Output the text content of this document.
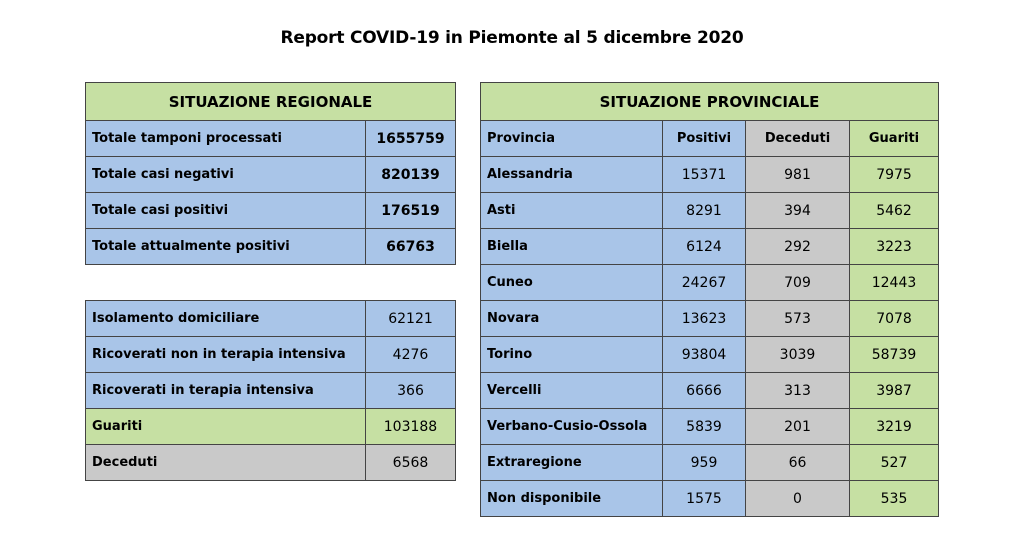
Report COVID-19 in Piemonte al 5 dicembre 2020
SITUAZIONE REGIONALE	
Totale tamponi processati	1655759
Totale casi negativi	820139
Totale casi positivi	176519
Totale attualmente positivi	66763
Isolamento domiciliare	62121
Ricoverati non in terapia intensiva	4276
Ricoverati in terapia intensiva	366
Guariti	103188
Deceduti	6568
SITUAZIONE PROVINCIALE			
Provincia	Positivi	Deceduti	Guariti
Alessandria	15371	981	7975
Asti	8291	394	5462
Biella	6124	292	3223
Cuneo	24267	709	12443
Novara	13623	573	7078
Torino	93804	3039	58739
Vercelli	6666	313	3987
Verbano-Cusio-Ossola	5839	201	3219
Extraregione	959	66	527
Non disponibile	1575	0	535
